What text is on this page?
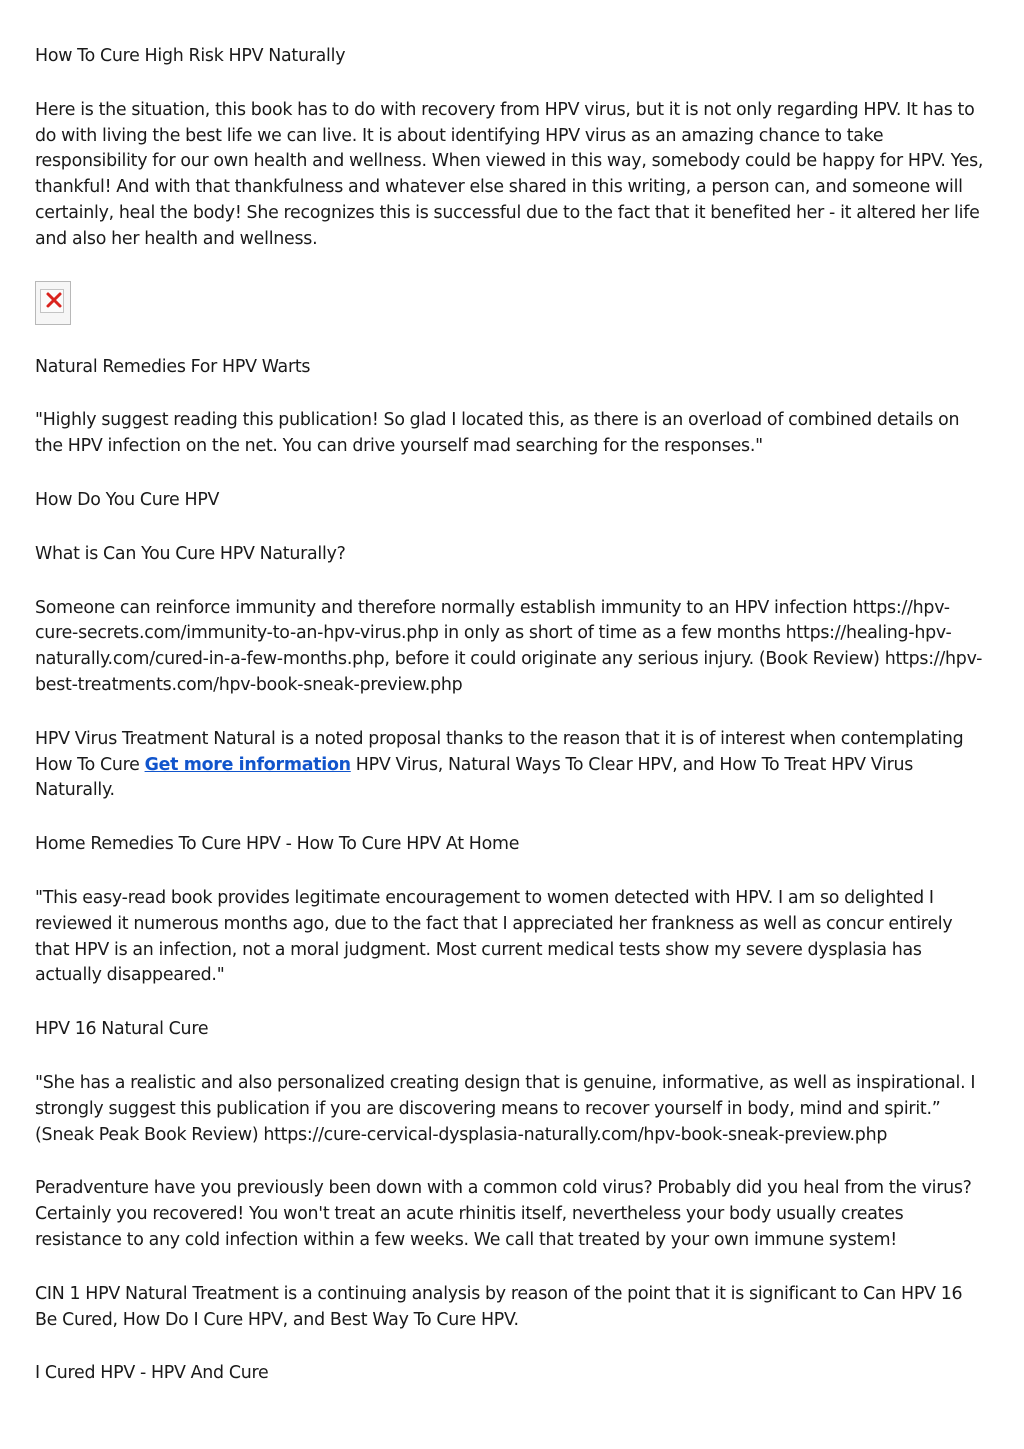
How To Cure High Risk HPV Naturally

Here is the situation, this book has to do with recovery from HPV virus, but it is not only regarding HPV. It has to do with living the best life we can live. It is about identifying HPV virus as an amazing chance to take responsibility for our own health and wellness. When viewed in this way, somebody could be happy for HPV. Yes, thankful! And with that thankfulness and whatever else shared in this writing, a person can, and someone will certainly, heal the body! She recognizes this is successful due to the fact that it benefited her - it altered her life and also her health and wellness.

Natural Remedies For HPV Warts

"Highly suggest reading this publication! So glad I located this, as there is an overload of combined details on the HPV infection on the net. You can drive yourself mad searching for the responses."

How Do You Cure HPV

What is Can You Cure HPV Naturally?

Someone can reinforce immunity and therefore normally establish immunity to an HPV infection https://hpv-cure-secrets.com/immunity-to-an-hpv-virus.php in only as short of time as a few months https://healing-hpv-naturally.com/cured-in-a-few-months.php, before it could originate any serious injury. (Book Review) https://hpv-best-treatments.com/hpv-book-sneak-preview.php

HPV Virus Treatment Natural is a noted proposal thanks to the reason that it is of interest when contemplating How To Cure Get more information HPV Virus, Natural Ways To Clear HPV, and How To Treat HPV Virus Naturally.

Home Remedies To Cure HPV - How To Cure HPV At Home

"This easy-read book provides legitimate encouragement to women detected with HPV. I am so delighted I reviewed it numerous months ago, due to the fact that I appreciated her frankness as well as concur entirely that HPV is an infection, not a moral judgment. Most current medical tests show my severe dysplasia has actually disappeared."

HPV 16 Natural Cure

"She has a realistic and also personalized creating design that is genuine, informative, as well as inspirational. I strongly suggest this publication if you are discovering means to recover yourself in body, mind and spirit.” (Sneak Peak Book Review) https://cure-cervical-dysplasia-naturally.com/hpv-book-sneak-preview.php

Peradventure have you previously been down with a common cold virus? Probably did you heal from the virus? Certainly you recovered! You won't treat an acute rhinitis itself, nevertheless your body usually creates resistance to any cold infection within a few weeks. We call that treated by your own immune system!

CIN 1 HPV Natural Treatment is a continuing analysis by reason of the point that it is significant to Can HPV 16 Be Cured, How Do I Cure HPV, and Best Way To Cure HPV.

I Cured HPV - HPV And Cure
